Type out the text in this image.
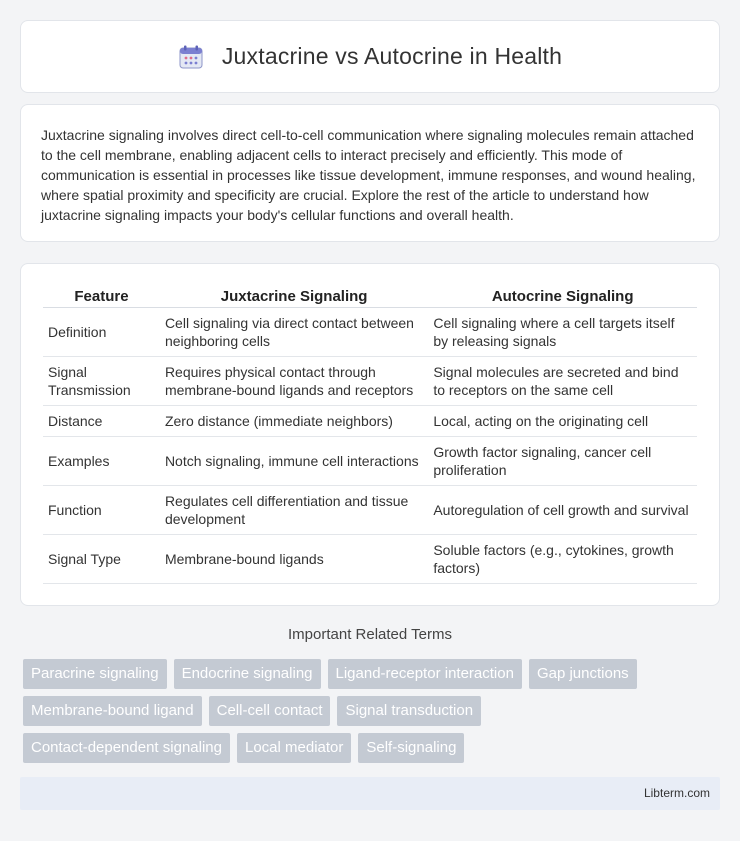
Juxtacrine vs Autocrine in Health

Juxtacrine signaling involves direct cell-to-cell communication where signaling molecules remain attached to the cell membrane, enabling adjacent cells to interact precisely and efficiently. This mode of communication is essential in processes like tissue development, immune responses, and wound healing, where spatial proximity and specificity are crucial. Explore the rest of the article to understand how juxtacrine signaling impacts your body's cellular functions and overall health.

Feature	Juxtacrine Signaling	Autocrine Signaling
Definition	Cell signaling via direct contact between neighboring cells	Cell signaling where a cell targets itself by releasing signals
Signal Transmission	Requires physical contact through membrane-bound ligands and receptors	Signal molecules are secreted and bind to receptors on the same cell
Distance	Zero distance (immediate neighbors)	Local, acting on the originating cell
Examples	Notch signaling, immune cell interactions	Growth factor signaling, cancer cell proliferation
Function	Regulates cell differentiation and tissue development	Autoregulation of cell growth and survival
Signal Type	Membrane-bound ligands	Soluble factors (e.g., cytokines, growth factors)
Important Related Terms
Paracrine signaling	Endocrine signaling	Ligand-receptor interaction	Gap junctions
Membrane-bound ligand	Cell-cell contact	Signal transduction
Contact-dependent signaling	Local mediator	Self-signaling
Libterm.com
